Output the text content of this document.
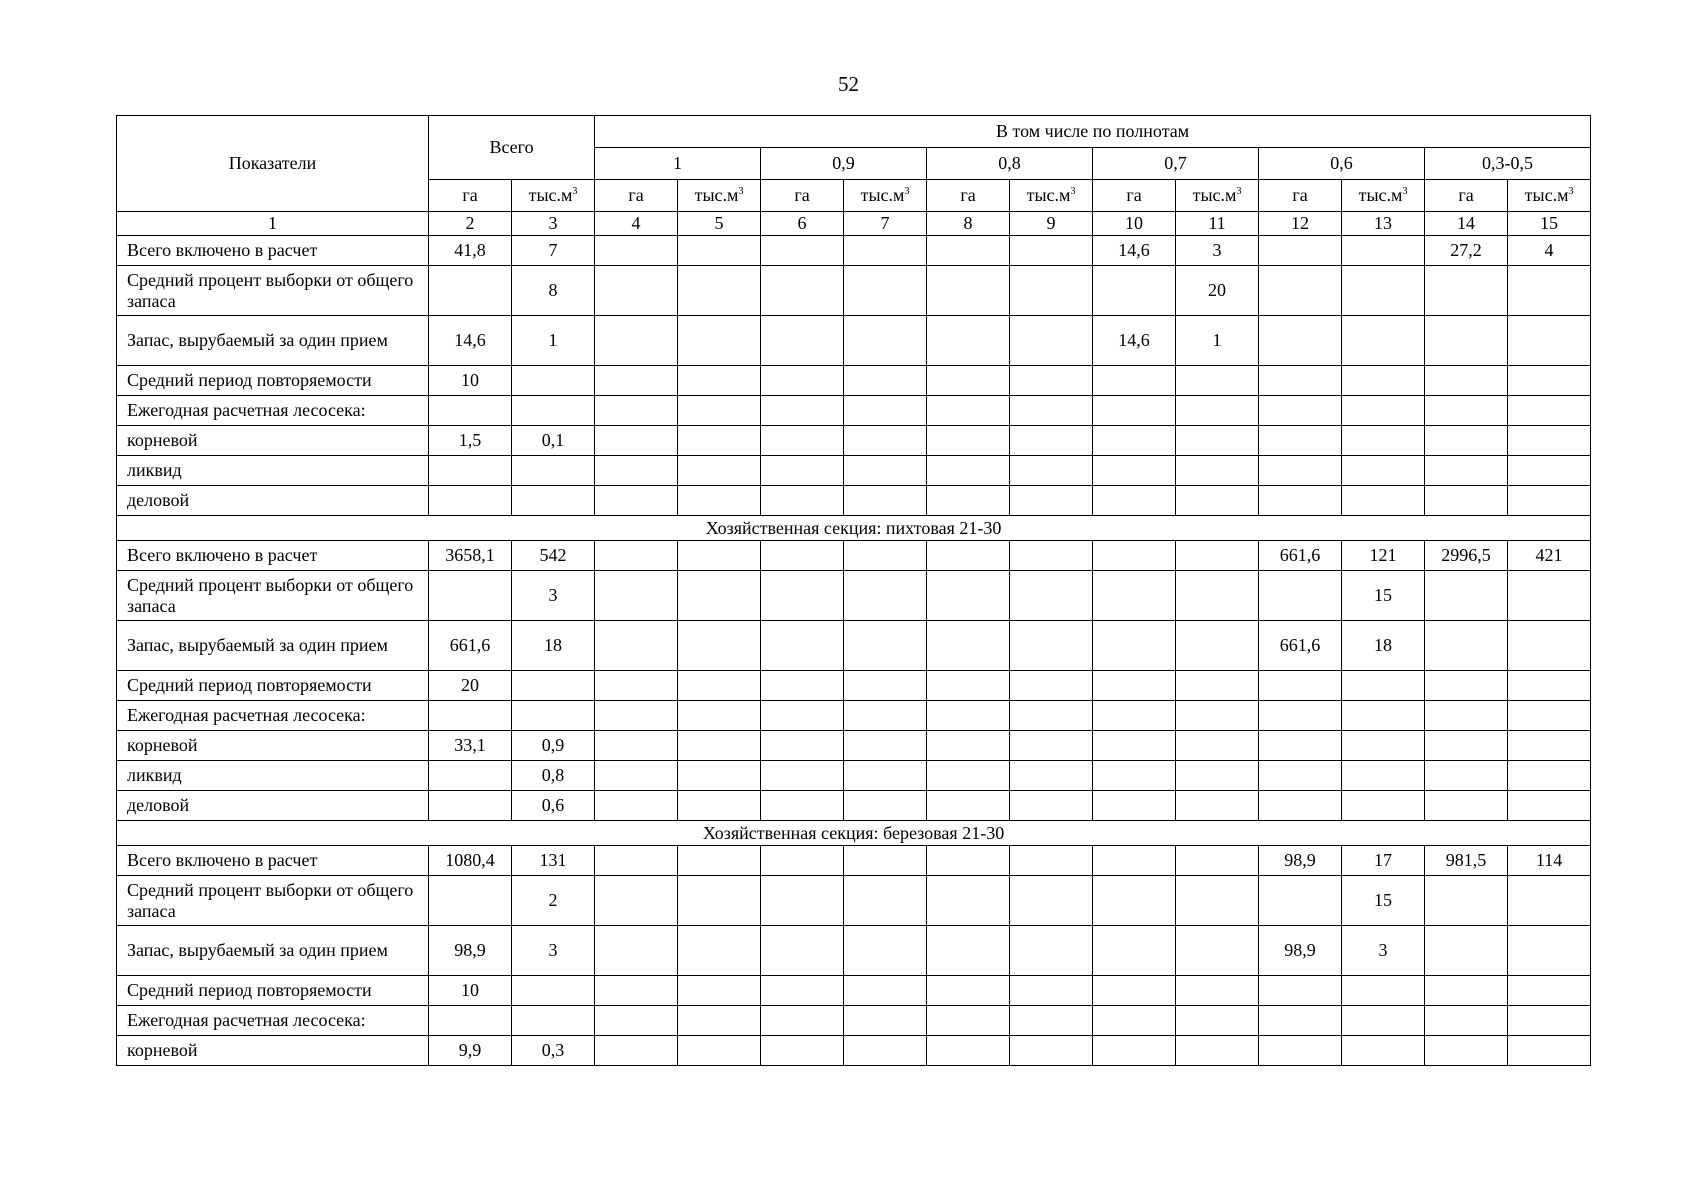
52
Показатели	Всего		В том числе по полнотам											
			1		0,9		0,8		0,7		0,6		0,3-0,5	
	га	$тыс.м^3$	га	$тыс.м^3$	га	$тыс.м^3$	га	$тыс.м^3$	га	$тыс.м^3$	га	$тыс.м^3$	га	$тыс.м^3$
1	2	3	4	5	6	7	8	9	10	11	12	13	14	15
Всего включено в расчет	41,8	7							14,6	3			27,2	4
Средний процент выборки от общего запаса		8								20				
Запас, вырубаемый за один прием	14,6	1							14,6	1				
Средний период повторяемости	10													
Ежегодная расчетная лесосека:														
корневой	1,5	0,1												
ликвид														
деловой														
Хозяйственная секция: пихтовая 21-30														
Всего включено в расчет	3658,1	542									661,6	121	2996,5	421
Средний процент выборки от общего запаса		3										15		
Запас, вырубаемый за один прием	661,6	18									661,6	18		
Средний период повторяемости	20													
Ежегодная расчетная лесосека:														
корневой	33,1	0,9												
ликвид		0,8												
деловой		0,6												
Хозяйственная секция: березовая 21-30														
Всего включено в расчет	1080,4	131									98,9	17	981,5	114
Средний процент выборки от общего запаса		2										15		
Запас, вырубаемый за один прием	98,9	3									98,9	3		
Средний период повторяемости	10													
Ежегодная расчетная лесосека:														
корневой	9,9	0,3												
